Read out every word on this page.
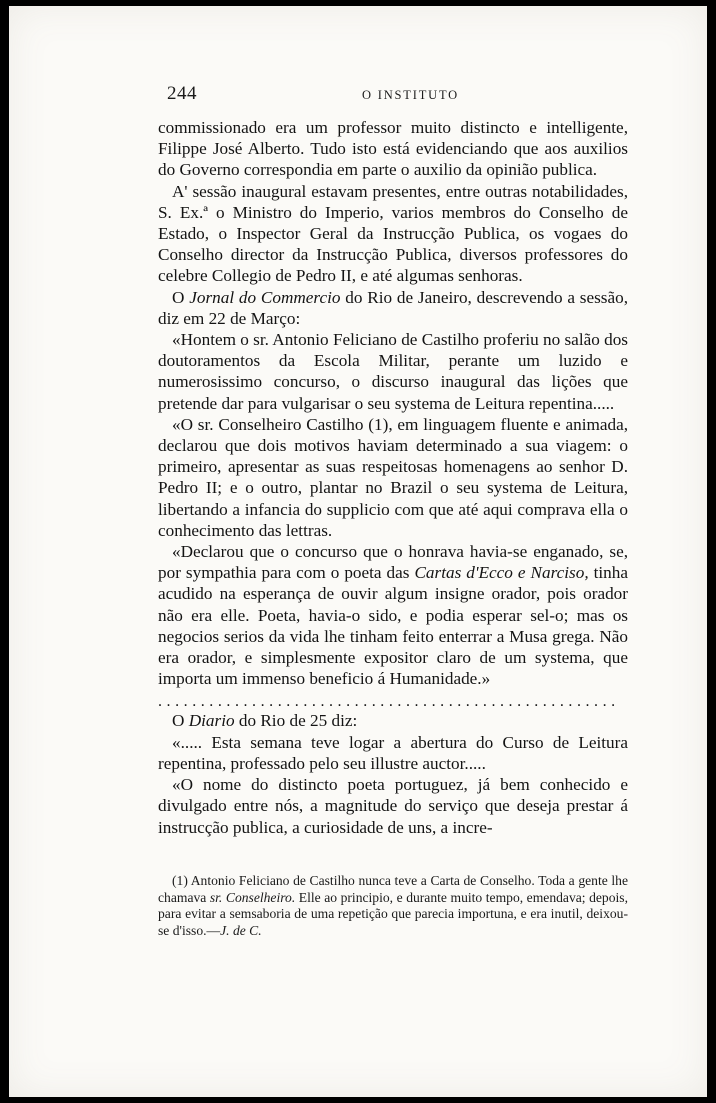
244	O INSTITUTO

commissionado era um professor muito distincto e intelligente, Filippe José Alberto. Tudo isto está evidenciando que aos auxilios do Governo correspondia em parte o auxilio da opinião publica.

A' sessão inaugural estavam presentes, entre outras notabilidades, S. Ex.ª o Ministro do Imperio, varios membros do Conselho de Estado, o Inspector Geral da Instrucção Publica, os vogaes do Conselho director da Instrucção Publica, diversos professores do celebre Collegio de Pedro II, e até algumas senhoras.

O Jornal do Commercio do Rio de Janeiro, descrevendo a sessão, diz em 22 de Março:

«Hontem o sr. Antonio Feliciano de Castilho proferiu no salão dos doutoramentos da Escola Militar, perante um luzido e numerosissimo concurso, o discurso inaugural das lições que pretende dar para vulgarisar o seu systema de Leitura repentina.....

«O sr. Conselheiro Castilho (1), em linguagem fluente e animada, declarou que dois motivos haviam determinado a sua viagem: o primeiro, apresentar as suas respeitosas homenagens ao senhor D. Pedro II; e o outro, plantar no Brazil o seu systema de Leitura, libertando a infancia do supplicio com que até aqui comprava ella o conhecimento das lettras.

«Declarou que o concurso que o honrava havia-se enganado, se, por sympathia para com o poeta das Cartas d'Ecco e Narciso, tinha acudido na esperança de ouvir algum insigne orador, pois orador não era elle. Poeta, havia-o sido, e podia esperar sel-o; mas os negocios serios da vida lhe tinham feito enterrar a Musa grega. Não era orador, e simplesmente expositor claro de um systema, que importa um immenso beneficio á Humanidade.»

......................................................

O Diario do Rio de 25 diz:

«..... Esta semana teve logar a abertura do Curso de Leitura repentina, professado pelo seu illustre auctor.....

«O nome do distincto poeta portuguez, já bem conhecido e divulgado entre nós, a magnitude do serviço que deseja prestar á instrucção publica, a curiosidade de uns, a incre-

(1) Antonio Feliciano de Castilho nunca teve a Carta de Conselho. Toda a gente lhe chamava sr. Conselheiro. Elle ao principio, e durante muito tempo, emendava; depois, para evitar a semsaboria de uma repetição que parecia importuna, e era inutil, deixou-se d'isso.—J. de C.
